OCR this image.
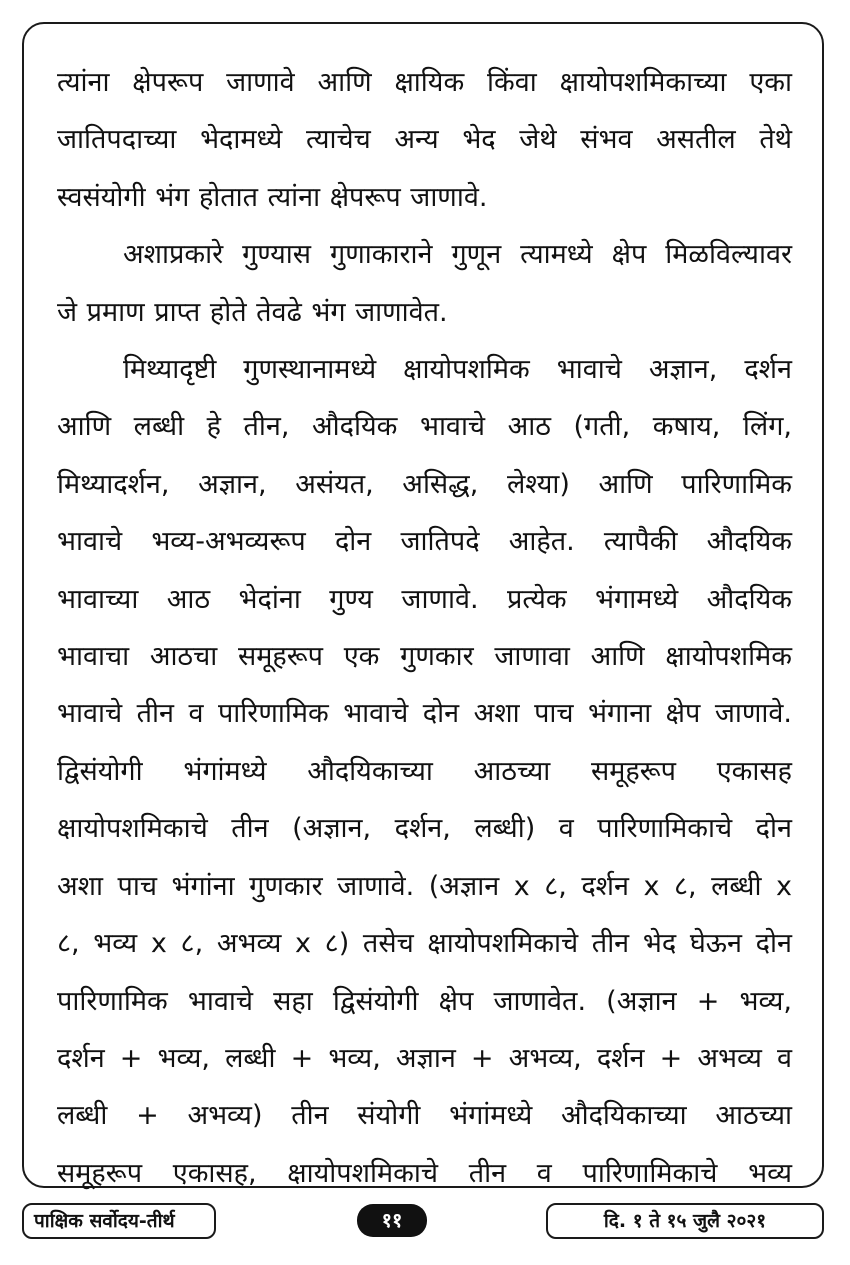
त्यांना क्षेपरूप जाणावे आणि क्षायिक किंवा क्षायोपशमिकाच्या एका
जातिपदाच्या भेदामध्ये त्याचेच अन्य भेद जेथे संभव असतील तेथे
स्वसंयोगी भंग होतात त्यांना क्षेपरूप जाणावे.

अशाप्रकारे गुण्यास गुणाकाराने गुणून त्यामध्ये क्षेप मिळविल्यावर
जे प्रमाण प्राप्त होते तेवढे भंग जाणावेत.

मिथ्यादृष्टी गुणस्थानामध्ये क्षायोपशमिक भावाचे अज्ञान, दर्शन
आणि लब्धी हे तीन, औदयिक भावाचे आठ (गती, कषाय, लिंग,
मिथ्यादर्शन, अज्ञान, असंयत, असिद्ध, लेश्या) आणि पारिणामिक
भावाचे भव्य-अभव्यरूप दोन जातिपदे आहेत. त्यापैकी औदयिक
भावाच्या आठ भेदांना गुण्य जाणावे. प्रत्येक भंगामध्ये औदयिक
भावाचा आठचा समूहरूप एक गुणकार जाणावा आणि क्षायोपशमिक
भावाचे तीन व पारिणामिक भावाचे दोन अशा पाच भंगाना क्षेप जाणावे.
द्विसंयोगी भंगांमध्ये औदयिकाच्या आठच्या समूहरूप एकासह
क्षायोपशमिकाचे तीन (अज्ञान, दर्शन, लब्धी) व पारिणामिकाचे दोन
अशा पाच भंगांना गुणकार जाणावे. (अज्ञान x ८, दर्शन x ८, लब्धी x
८, भव्य x ८, अभव्य x ८) तसेच क्षायोपशमिकाचे तीन भेद घेऊन दोन
पारिणामिक भावाचे सहा द्विसंयोगी क्षेप जाणावेत. (अज्ञान + भव्य,
दर्शन + भव्य, लब्धी + भव्य, अज्ञान + अभव्य, दर्शन + अभव्य व
लब्धी + अभव्य) तीन संयोगी भंगांमध्ये औदयिकाच्या आठच्या
समूहरूप एकासह, क्षायोपशमिकाचे तीन व पारिणामिकाचे भव्य

पाक्षिक सर्वोदय-तीर्थ	११	दि. १ ते १५ जुलै २०२१
